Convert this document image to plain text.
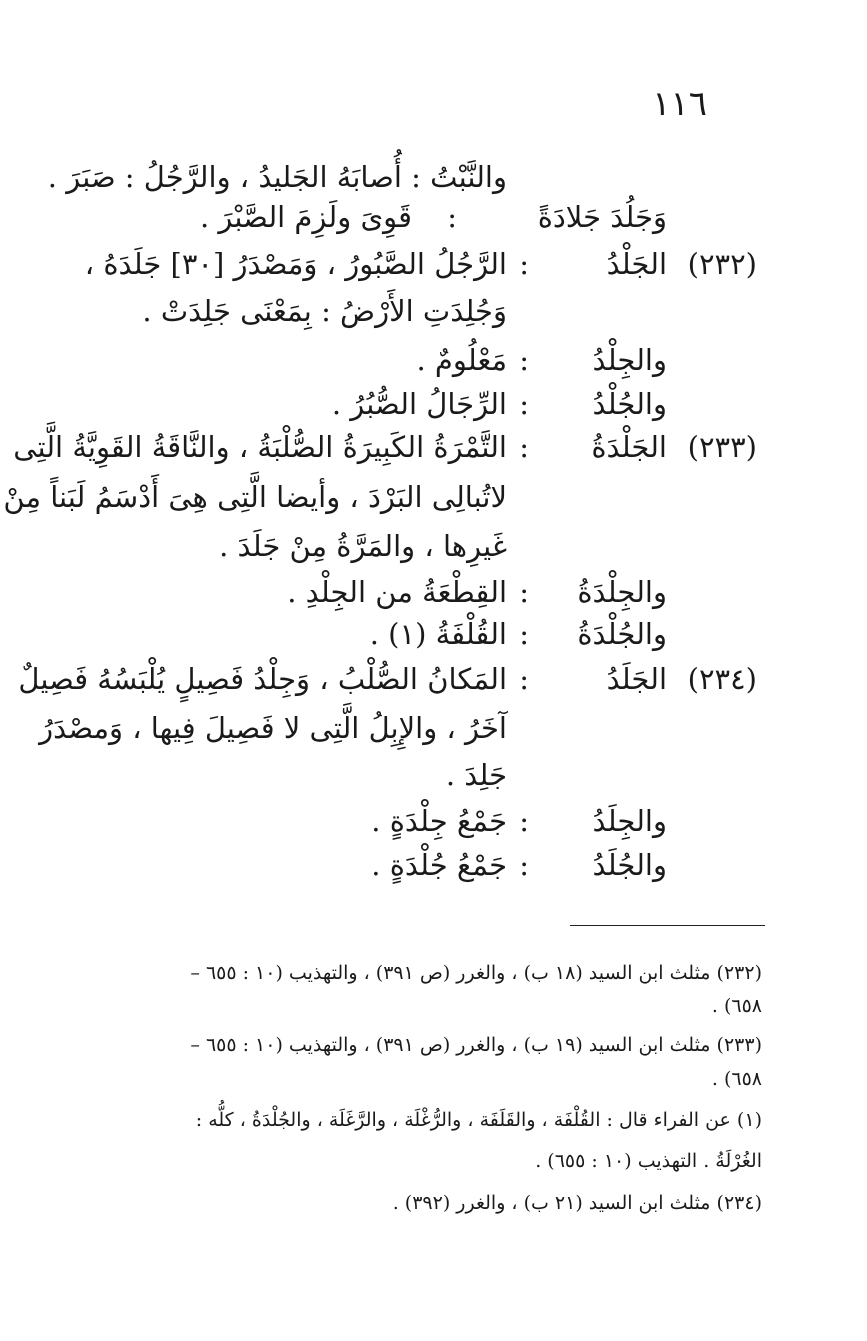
١١٦
والنَّبْتُ : أُصابَهُ الجَليدُ ، والرَّجُلُ : صَبَرَ .
وَجَلُدَ جَلادَةً
:
قَوِىَ ولَزِمَ الصَّبْرَ .
(٢٣٢)
الجَلْدُ
:
الرَّجُلُ الصَّبُورُ ، وَمَصْدَرُ [٣٠] جَلَدَهُ ،
وَجُلِدَتِ الأَرْضُ : بِمَعْنَى جَلِدَتْ .
والجِلْدُ
:
مَعْلُومٌ .
والجُلْدُ
:
الرِّجَالُ الصُّبُرُ .
(٢٣٣)
الجَلْدَةُ
:
التَّمْرَةُ الكَبِيرَةُ الصُّلْبَةُ ، والنَّاقَةُ القَوِيَّةُ الَّتِى
لاتُبالِى البَرْدَ ، وأيضا الَّتِى هِىَ أَدْسَمُ لَبَناً مِنْ
غَيرِها ، والمَرَّةُ مِنْ جَلَدَ .
والجِلْدَةُ
:
القِطْعَةُ من الجِلْدِ .
والجُلْدَةُ
:
القُلْفَةُ (١) .
(٢٣٤)
الجَلَدُ
:
المَكانُ الصُّلْبُ ، وَجِلْدُ فَصِيلٍ يُلْبَسُهُ فَصِيلٌ
آخَرُ ، والإِبِلُ الَّتِى لا فَصِيلَ فِيها ، وَمصْدَرُ
جَلِدَ .
والجِلَدُ
:
جَمْعُ جِلْدَةٍ .
والجُلَدُ
:
جَمْعُ جُلْدَةٍ .
(٢٣٢) مثلث ابن السيد (١٨ ب) ، والغرر (ص ٣٩١) ، والتهذيب (١٠ : ٦٥٥ –
٦٥٨) .
(٢٣٣) مثلث ابن السيد (١٩ ب) ، والغرر (ص ٣٩١) ، والتهذيب (١٠ : ٦٥٥ –
٦٥٨) .
(١) عن الفراء قال : القُلْفَة ، والقَلَفَة ، والرُّغْلَة ، والرَّغَلَة ، والجُلْدَةُ ، كلُّه :
الغُرْلَةُ . التهذيب (١٠ : ٦٥٥) .
(٢٣٤) مثلث ابن السيد (٢١ ب) ، والغرر (٣٩٢) .
